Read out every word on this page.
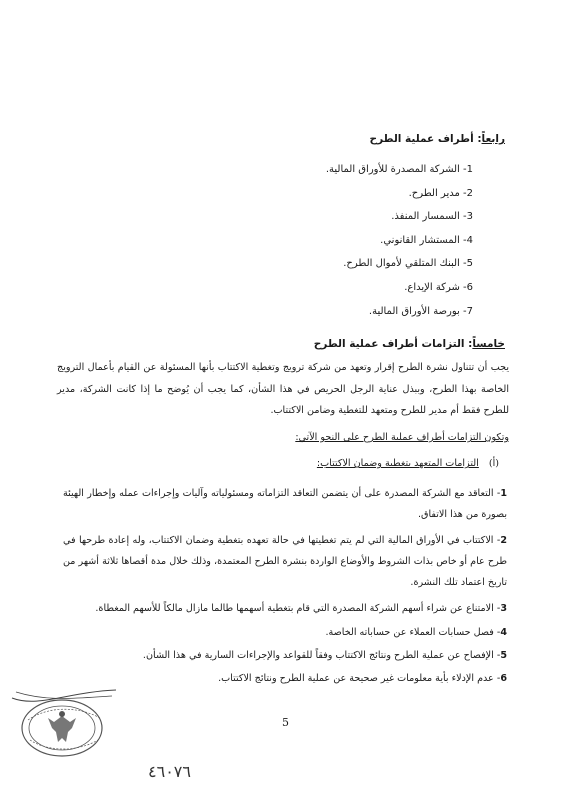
رابعاً: أطراف عملية الطرح
1- الشركة المصدرة للأوراق المالية.
2- مدير الطرح.
3- السمسار المنفذ.
4- المستشار القانوني.
5- البنك المتلقي لأموال الطرح.
6- شركة الإيداع.
7- بورصة الأوراق المالية.
خامساً: التزامات أطراف عملية الطرح

يجب أن تتناول نشرة الطرح إقرار وتعهد من شركة ترويج وتغطية الاكتتاب بأنها المسئولة عن القيام بأعمال الترويج الخاصة بهذا الطرح، وببذل عناية الرجل الحريص في هذا الشأن، كما يجب أن يُوضح ما إذا كانت الشركة، مدير للطرح فقط أم مدير للطرح ومتعهد للتغطية وضامن الاكتتاب.

وتكون التزامات أطراف عملية الطرح على النحو الآتي:
(أ)التزامات المتعهد بتغطية وضمان الاكتتاب:
1- التعاقد مع الشركة المصدرة على أن يتضمن التعاقد التزاماته ومسئولياته وآليات وإجراءات عمله وإخطار الهيئة بصورة من هذا الاتفاق.
2- الاكتتاب في الأوراق المالية التي لم يتم تغطيتها في حالة تعهده بتغطية وضمان الاكتتاب، وله إعادة طرحها في طرح عام أو خاص بذات الشروط والأوضاع الواردة بنشرة الطرح المعتمدة، وذلك خلال مدة أقصاها ثلاثة أشهر من تاريخ اعتماد تلك النشرة.
3- الامتناع عن شراء أسهم الشركة المصدرة التي قام بتغطية أسهمها طالما مازال مالكاً للأسهم المغطاة.
4- فصل حسابات العملاء عن حساباته الخاصة.
5- الإفصاح عن عملية الطرح ونتائج الاكتتاب وفقاً للقواعد والإجراءات السارية في هذا الشأن.
6- عدم الإدلاء بأية معلومات غير صحيحة عن عملية الطرح ونتائج الاكتتاب.
5
٤٦٠٧٦
